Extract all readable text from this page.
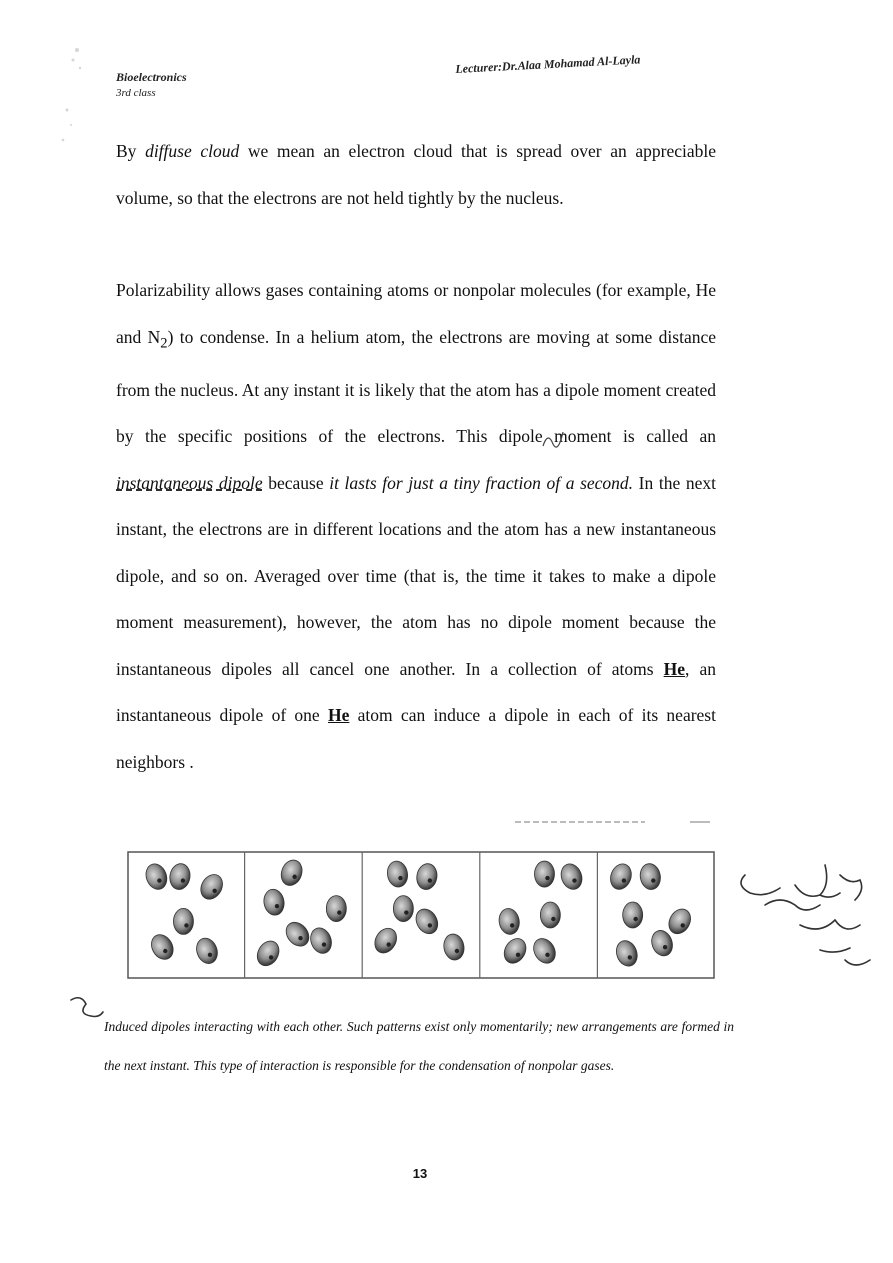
Bioelectronics
3rd class
Lecturer:Dr.Alaa Mohamad Al-Layla
By diffuse cloud we mean an electron cloud that is spread over an appreciable volume, so that the electrons are not held tightly by the nucleus.
Polarizability allows gases containing atoms or nonpolar molecules (for example, He and $N_2$) to condense. In a helium atom, the electrons are moving at some distance from the nucleus. At any instant it is likely that the atom has a dipole moment created by the specific positions of the electrons. This dipole moment is called an instantaneous dipole because it lasts for just a tiny fraction of a second. In the next instant, the electrons are in different locations and the atom has a new instantaneous dipole, and so on. Averaged over time (that is, the time it takes to make a dipole moment measurement), however, the atom has no dipole moment because the instantaneous dipoles all cancel one another. In a collection of atoms He, an instantaneous dipole of one He atom can induce a dipole in each of its nearest neighbors .
Induced dipoles interacting with each other. Such patterns exist only momentarily; new arrangements are formed in the next instant. This type of interaction is responsible for the condensation of nonpolar gases.
13
